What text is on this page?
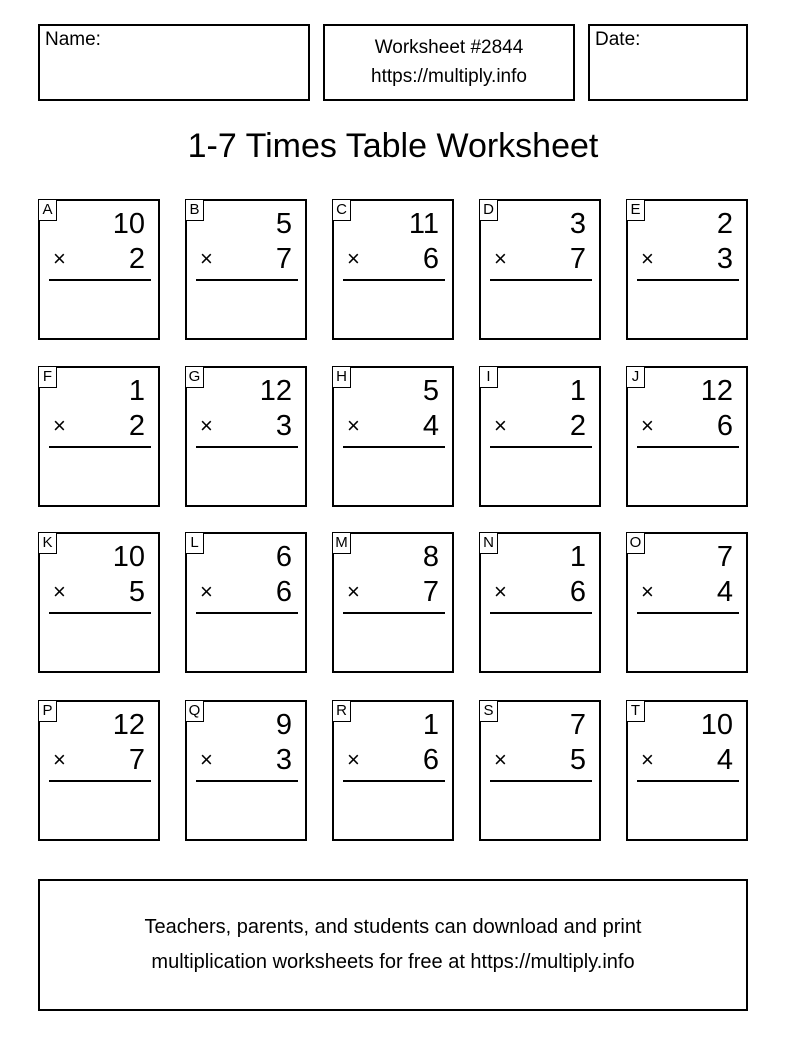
Name:	Worksheet #2844
https://multiply.info
Date:
1-7 Times Table Worksheet
A 10
× 2
B	5
× 7
C 11
× 6
D	3
× 7
E	2
× 3
F	1
× 2
G 12
× 3
H	5
× 4
I	1
× 2
J 12
× 6
K 10
× 5
L	6
× 6
M	8
× 7
N	1
× 6
O	7
× 4
P 12
× 7
Q	9
× 3
R	1
× 6
S	7
× 5
T 10
× 4
Teachers, parents, and students can download and print
multiplication worksheets for free at https://multiply.info
